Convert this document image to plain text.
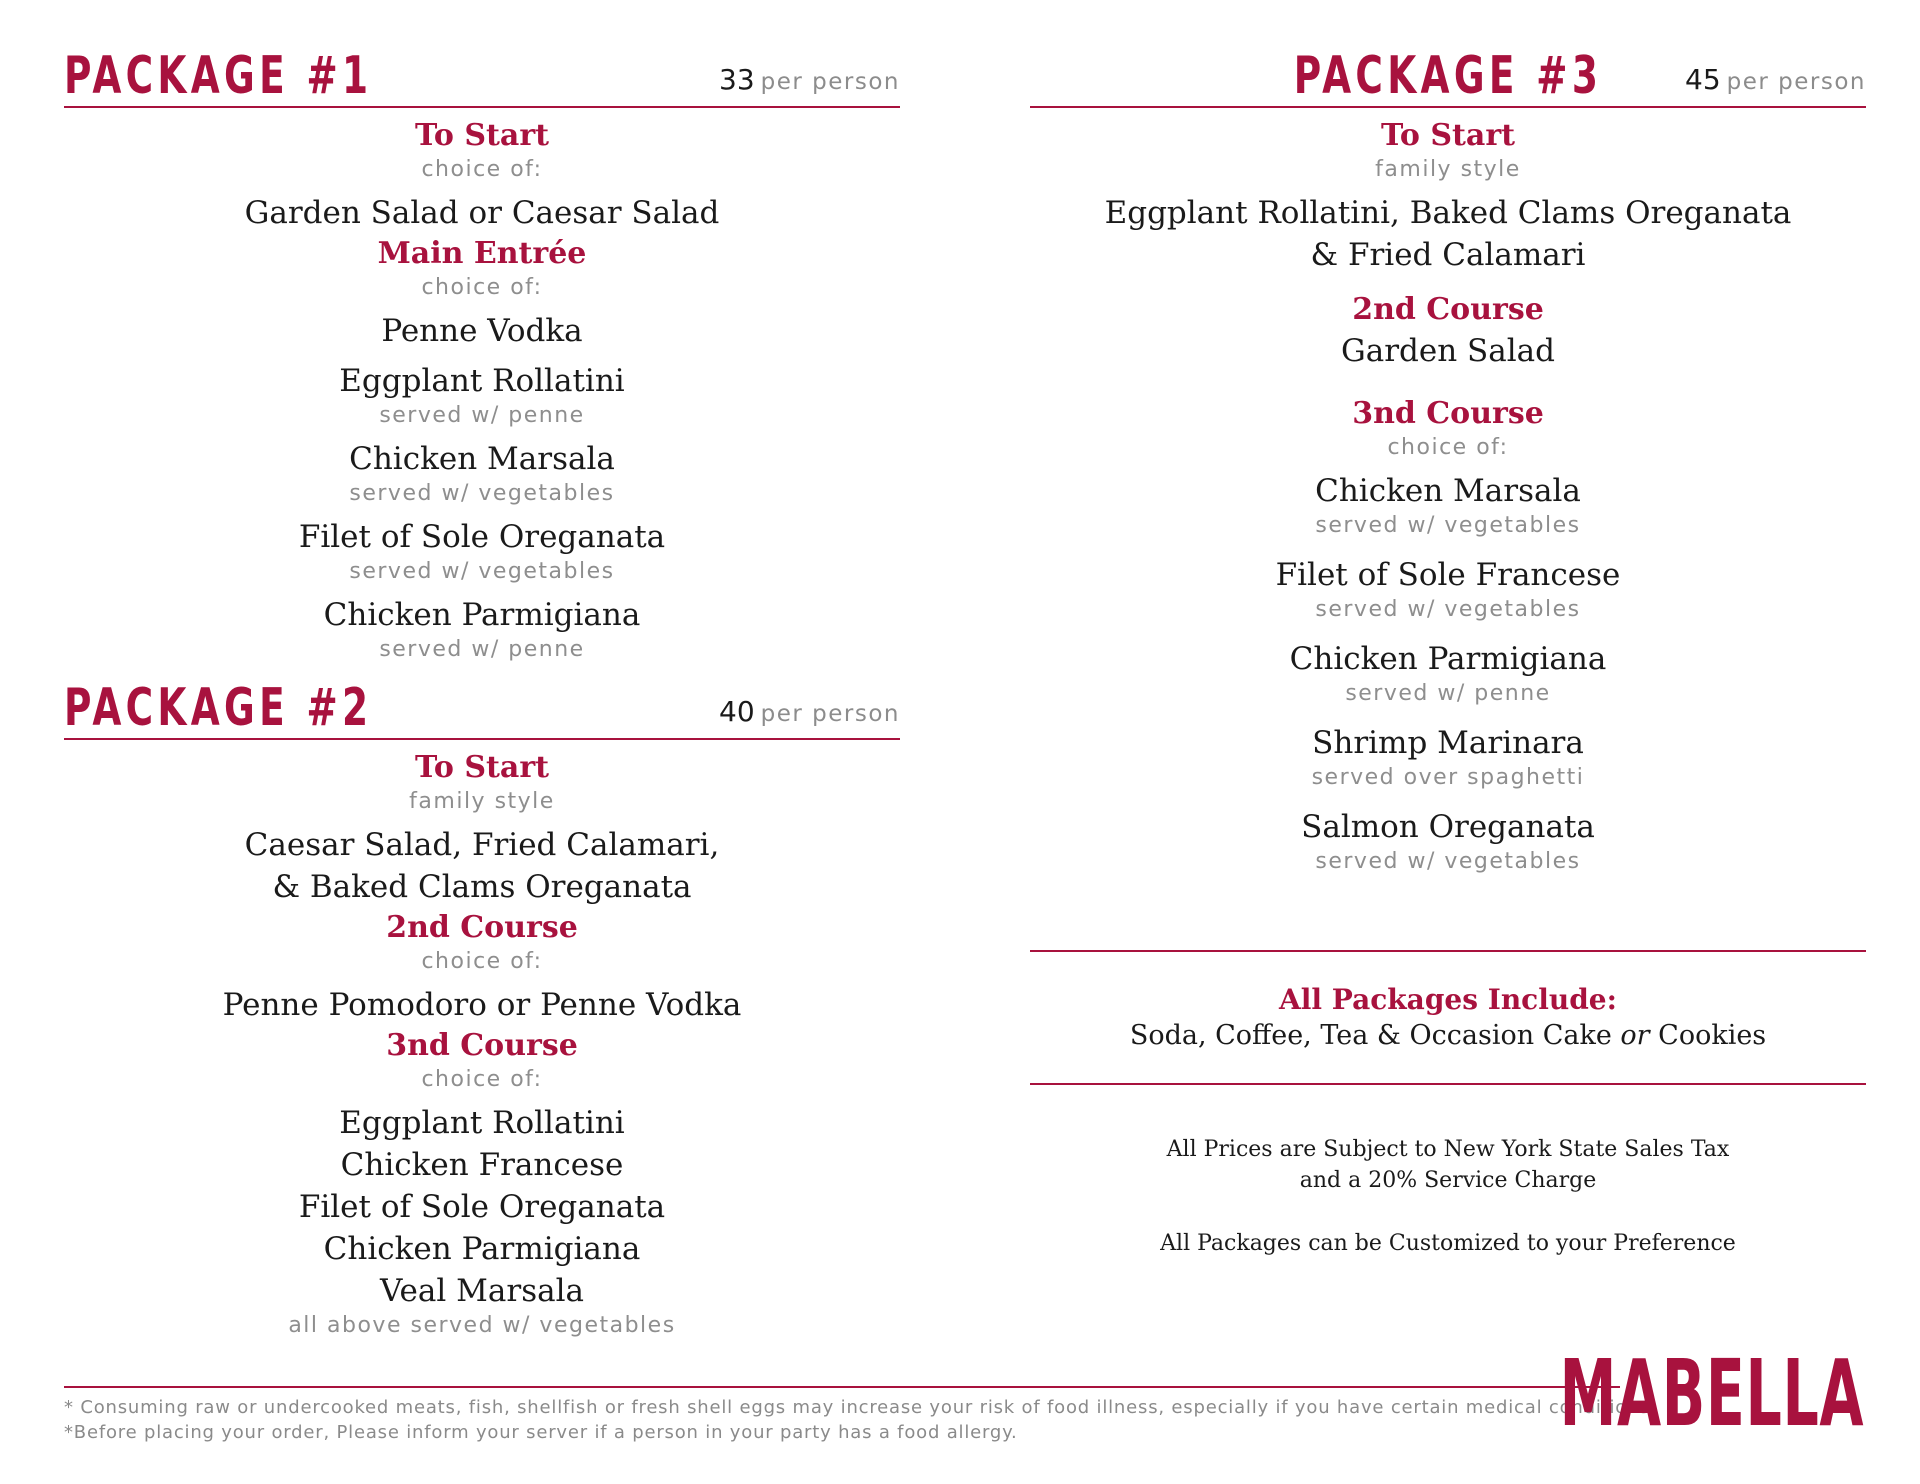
PACKAGE #1	33 per person
To Start
choice of:
Garden Salad or Caesar Salad
Main Entrée
choice of:
Penne Vodka
Eggplant Rollatini
served w/ penne
Chicken Marsala
served w/ vegetables
Filet of Sole Oreganata
served w/ vegetables
Chicken Parmigiana
served w/ penne
PACKAGE #2	40 per person
To Start
family style
Caesar Salad, Fried Calamari,
& Baked Clams Oreganata
2nd Course
choice of:
Penne Pomodoro or Penne Vodka
3nd Course
choice of:
Eggplant Rollatini
Chicken Francese
Filet of Sole Oreganata
Chicken Parmigiana
Veal Marsala
all above served w/ vegetables
PACKAGE #3	45 per person
To Start
family style
Eggplant Rollatini, Baked Clams Oreganata
& Fried Calamari
2nd Course
Garden Salad
3nd Course
choice of:
Chicken Marsala
served w/ vegetables
Filet of Sole Francese
served w/ vegetables
Chicken Parmigiana
served w/ penne
Shrimp Marinara
served over spaghetti
Salmon Oreganata
served w/ vegetables
All Packages Include:
Soda, Coffee, Tea & Occasion Cake or Cookies
All Prices are Subject to New York State Sales Tax
and a 20% Service Charge
All Packages can be Customized to your Preference
* Consuming raw or undercooked meats, fish, shellfish or fresh shell eggs may increase your risk of food illness, especially if you have certain medical conditions.
*Before placing your order, Please inform your server if a person in your party has a food allergy.	MABELLA
